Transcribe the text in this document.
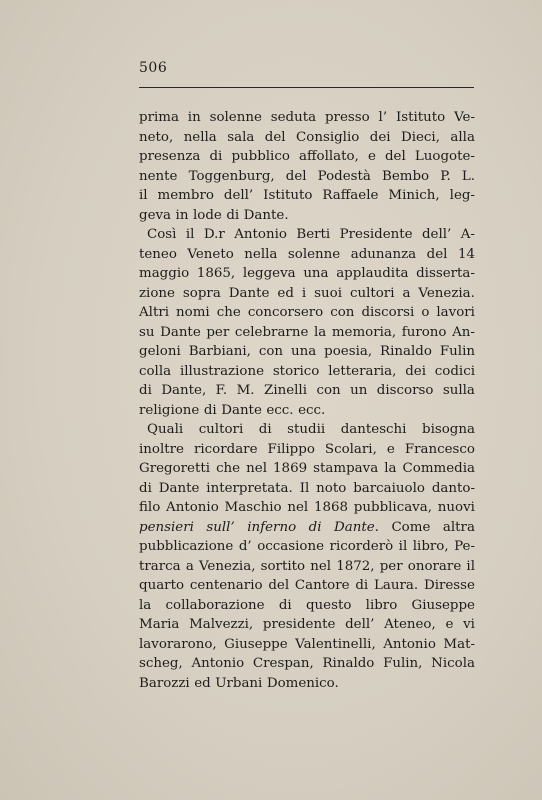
506
prima in solenne seduta presso l’ Istituto Ve-
neto, nella sala del Consiglio dei Dieci, alla
presenza di pubblico affollato, e del Luogote-
nente Toggenburg, del Podestà Bembo P. L.
il membro dell’ Istituto Raffaele Minich, leg-
geva in lode di Dante.
Così il D.r Antonio Berti Presidente dell’ A-
teneo Veneto nella solenne adunanza del 14
maggio 1865, leggeva una applaudita disserta-
zione sopra Dante ed i suoi cultori a Venezia.
Altri nomi che concorsero con discorsi o lavori
su Dante per celebrarne la memoria, furono An-
geloni Barbiani, con una poesia, Rinaldo Fulin
colla illustrazione storico letteraria, dei codici
di Dante, F. M. Zinelli con un discorso sulla
religione di Dante ecc. ecc.
Quali cultori di studii danteschi bisogna
inoltre ricordare Filippo Scolari, e Francesco
Gregoretti che nel 1869 stampava la Commedia
di Dante interpretata. Il noto barcaiuolo danto-
filo Antonio Maschio nel 1868 pubblicava, nuovi
pensieri sull’ inferno di Dante. Come altra
pubblicazione d’ occasione ricorderò il libro, Pe-
trarca a Venezia, sortito nel 1872, per onorare il
quarto centenario del Cantore di Laura. Diresse
la collaborazione di questo libro Giuseppe
Maria Malvezzi, presidente dell’ Ateneo, e vi
lavorarono, Giuseppe Valentinelli, Antonio Mat-
scheg, Antonio Crespan, Rinaldo Fulin, Nicola
Barozzi ed Urbani Domenico.
